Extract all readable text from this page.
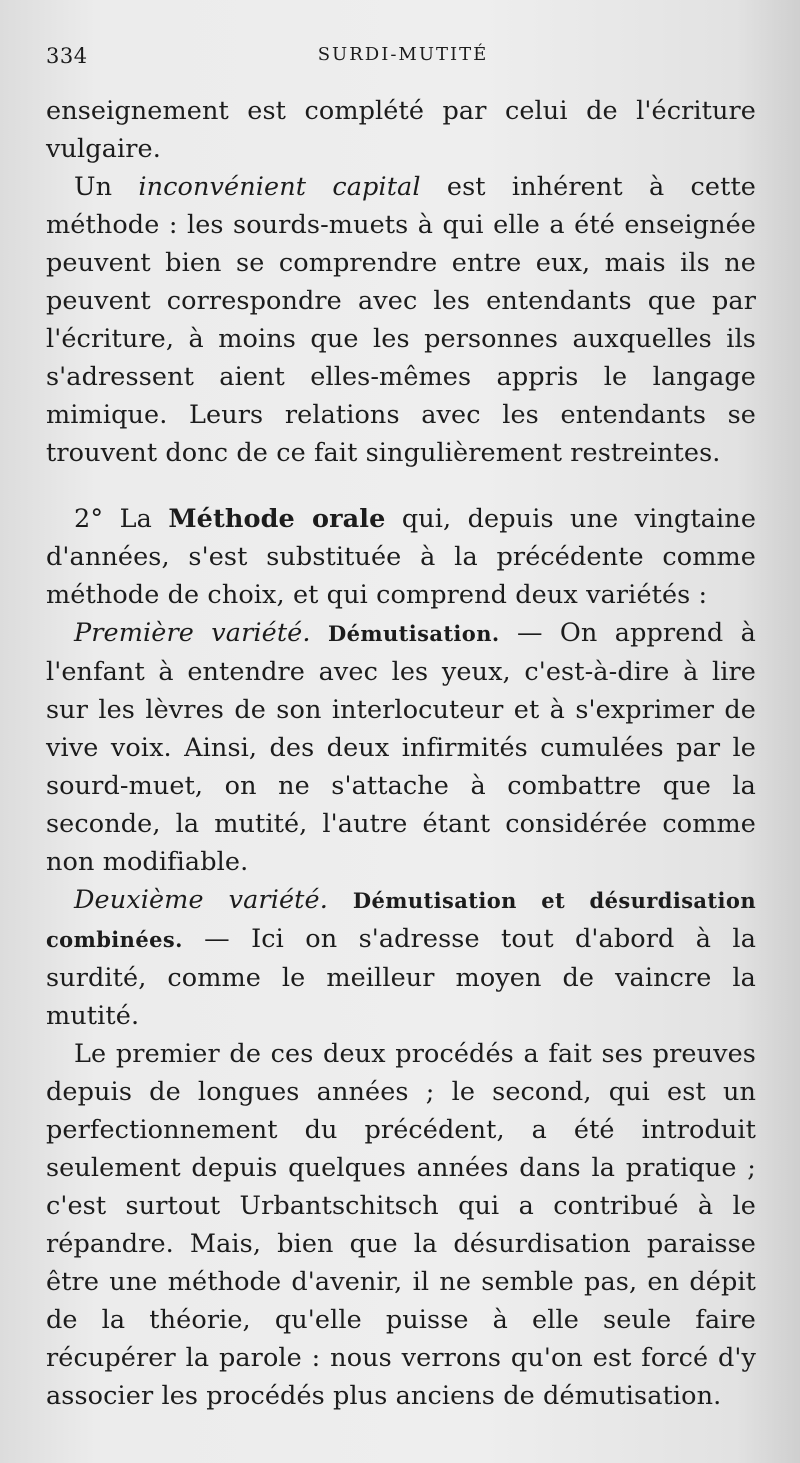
334	SURDI-MUTITÉ

enseignement est complété par celui de l'écriture vulgaire.

Un inconvénient capital est inhérent à cette méthode : les sourds-muets à qui elle a été enseignée peuvent bien se comprendre entre eux, mais ils ne peuvent correspondre avec les entendants que par l'écriture, à moins que les personnes auxquelles ils s'adressent aient elles-mêmes appris le langage mimique. Leurs relations avec les entendants se trouvent donc de ce fait singulièrement restreintes.

2° La Méthode orale qui, depuis une vingtaine d'années, s'est substituée à la précédente comme méthode de choix, et qui comprend deux variétés :

Première variété. Démutisation. — On apprend à l'enfant à entendre avec les yeux, c'est-à-dire à lire sur les lèvres de son interlocuteur et à s'exprimer de vive voix. Ainsi, des deux infirmités cumulées par le sourd-muet, on ne s'attache à combattre que la seconde, la mutité, l'autre étant considérée comme non modifiable.

Deuxième variété. Démutisation et désurdisation combinées. — Ici on s'adresse tout d'abord à la surdité, comme le meilleur moyen de vaincre la mutité.

Le premier de ces deux procédés a fait ses preuves depuis de longues années ; le second, qui est un perfectionnement du précédent, a été introduit seulement depuis quelques années dans la pratique ; c'est surtout Urbantschitsch qui a contribué à le répandre. Mais, bien que la désurdisation paraisse être une méthode d'avenir, il ne semble pas, en dépit de la théorie, qu'elle puisse à elle seule faire récupérer la parole : nous verrons qu'on est forcé d'y associer les procédés plus anciens de démutisation.
